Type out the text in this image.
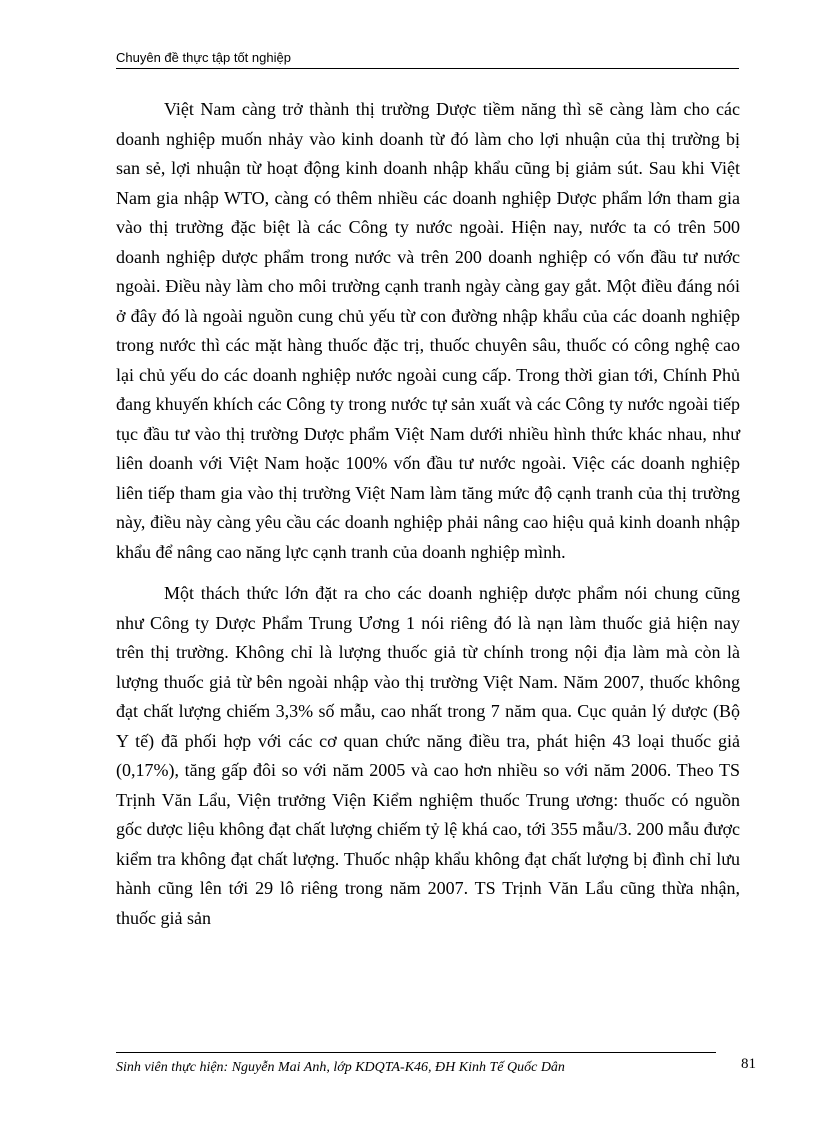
Chuyên đề thực tập tốt nghiệp

Việt Nam càng trở thành thị trường Dược tiềm năng thì sẽ càng làm cho các doanh nghiệp muốn nhảy vào kinh doanh từ đó làm cho lợi nhuận của thị trường bị san sẻ, lợi nhuận từ hoạt động kinh doanh nhập khẩu cũng bị giảm sút. Sau khi Việt Nam gia nhập WTO, càng có thêm nhiều các doanh nghiệp Dược phẩm lớn tham gia vào thị trường đặc biệt là các Công ty nước ngoài. Hiện nay, nước ta có trên 500 doanh nghiệp dược phẩm trong nước và trên 200 doanh nghiệp có vốn đầu tư nước ngoài. Điều này làm cho môi trường cạnh tranh ngày càng gay gắt. Một điều đáng nói ở đây đó là ngoài nguồn cung chủ yếu từ con đường nhập khẩu của các doanh nghiệp trong nước thì các mặt hàng thuốc đặc trị, thuốc chuyên sâu, thuốc có công nghệ cao lại chủ yếu do các doanh nghiệp nước ngoài cung cấp. Trong thời gian tới, Chính Phủ đang khuyến khích các Công ty trong nước tự sản xuất và các Công ty nước ngoài tiếp tục đầu tư vào thị trường Dược phẩm Việt Nam dưới nhiều hình thức khác nhau, như liên doanh với Việt Nam hoặc 100% vốn đầu tư nước ngoài. Việc các doanh nghiệp liên tiếp tham gia vào thị trường Việt Nam làm tăng mức độ cạnh tranh của thị trường này, điều này càng yêu cầu các doanh nghiệp phải nâng cao hiệu quả kinh doanh nhập khẩu để nâng cao năng lực cạnh tranh của doanh nghiệp mình.

Một thách thức lớn đặt ra cho các doanh nghiệp dược phẩm nói chung cũng như Công ty Dược Phẩm Trung Ương 1 nói riêng đó là nạn làm thuốc giả hiện nay trên thị trường. Không chỉ là lượng thuốc giả từ chính trong nội địa làm mà còn là lượng thuốc giả từ bên ngoài nhập vào thị trường Việt Nam. Năm 2007, thuốc không đạt chất lượng chiếm 3,3% số mẫu, cao nhất trong 7 năm qua. Cục quản lý dược (Bộ Y tế) đã phối hợp với các cơ quan chức năng điều tra, phát hiện 43 loại thuốc giả (0,17%), tăng gấp đôi so với năm 2005 và cao hơn nhiều so với năm 2006. Theo TS Trịnh Văn Lẩu, Viện trưởng Viện Kiểm nghiệm thuốc Trung ương: thuốc có nguồn gốc dược liệu không đạt chất lượng chiếm tỷ lệ khá cao, tới 355 mẫu/3. 200 mẫu được kiểm tra không đạt chất lượng. Thuốc nhập khẩu không đạt chất lượng bị đình chỉ lưu hành cũng lên tới 29 lô riêng trong năm 2007. TS Trịnh Văn Lẩu cũng thừa nhận, thuốc giả sản

Sinh viên thực hiện: Nguyễn Mai Anh, lớp KDQTA-K46, ĐH Kinh Tế Quốc Dân	81
